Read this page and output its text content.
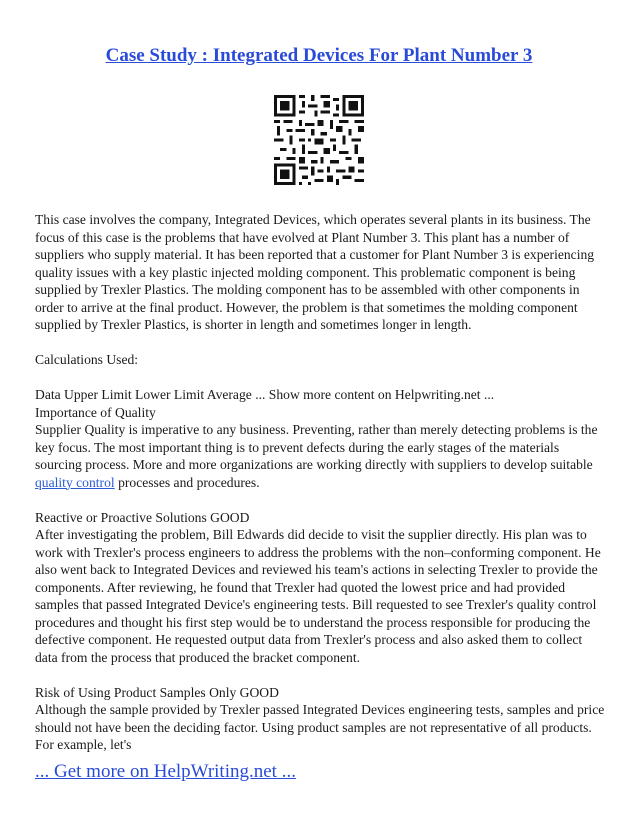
Case Study : Integrated Devices For Plant Number 3

This case involves the company, Integrated Devices, which operates several plants in its business. The focus of this case is the problems that have evolved at Plant Number 3. This plant has a number of suppliers who supply material. It has been reported that a customer for Plant Number 3 is experiencing quality issues with a key plastic injected molding component. This problematic component is being supplied by Trexler Plastics. The molding component has to be assembled with other components in order to arrive at the final product. However, the problem is that sometimes the molding component supplied by Trexler Plastics, is shorter in length and sometimes longer in length.

Calculations Used:

Data Upper Limit Lower Limit Average ... Show more content on Helpwriting.net ...

Importance of Quality

Supplier Quality is imperative to any business. Preventing, rather than merely detecting problems is the key focus. The most important thing is to prevent defects during the early stages of the materials sourcing process. More and more organizations are working directly with suppliers to develop suitable quality control processes and procedures.

Reactive or Proactive Solutions GOOD

After investigating the problem, Bill Edwards did decide to visit the supplier directly. His plan was to work with Trexler's process engineers to address the problems with the non–conforming component. He also went back to Integrated Devices and reviewed his team's actions in selecting Trexler to provide the components. After reviewing, he found that Trexler had quoted the lowest price and had provided samples that passed Integrated Device's engineering tests. Bill requested to see Trexler's quality control procedures and thought his first step would be to understand the process responsible for producing the defective component. He requested output data from Trexler's process and also asked them to collect data from the process that produced the bracket component.

Risk of Using Product Samples Only GOOD

Although the sample provided by Trexler passed Integrated Devices engineering tests, samples and price should not have been the deciding factor. Using product samples are not representative of all products. For example, let's

... Get more on HelpWriting.net ...
